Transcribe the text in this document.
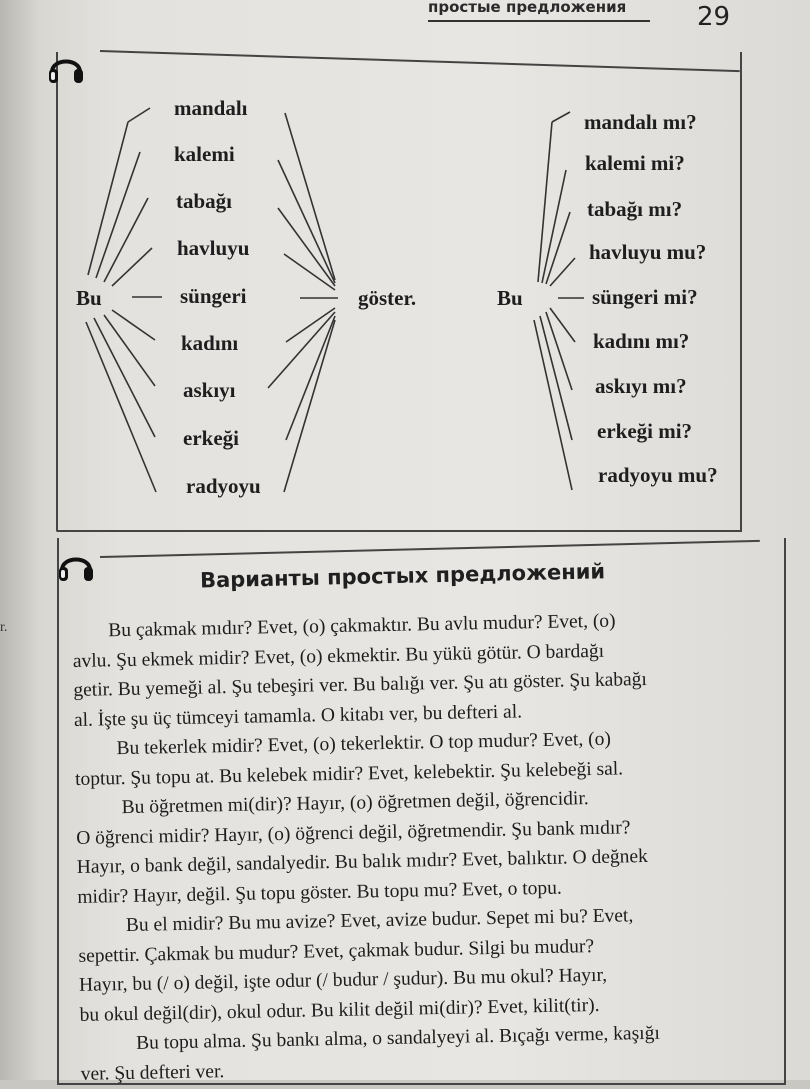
простые предложения	29
Bu
mandalı
kalemi
tabağı
havluyu
süngeri
kadını
askıyı
erkeği
radyoyu
göster.	Bu
mandalı mı?
kalemi mi?
tabağı mı?
havluyu mu?
süngeri mi?
kadını mı?
askıyı mı?
erkeği mi?
radyoyu mu?
r.
Варианты простых предложений
Bu çakmak mıdır? Evet, (o) çakmaktır. Bu avlu mudur? Evet, (o)
avlu. Şu ekmek midir? Evet, (o) ekmektir. Bu yükü götür. O bardağı
getir. Bu yemeği al. Şu tebeşiri ver. Bu balığı ver. Şu atı göster. Şu kabağı
al. İşte şu üç tümceyi tamamla. O kitabı ver, bu defteri al.
Bu tekerlek midir? Evet, (o) tekerlektir. O top mudur? Evet, (o)
toptur. Şu topu at. Bu kelebek midir? Evet, kelebektir. Şu kelebeği sal.
Bu öğretmen mi(dir)? Hayır, (o) öğretmen değil, öğrencidir.
O öğrenci midir? Hayır, (o) öğrenci değil, öğretmendir. Şu bank mıdır?
Hayır, o bank değil, sandalyedir. Bu balık mıdır? Evet, balıktır. O değnek
midir? Hayır, değil. Şu topu göster. Bu topu mu? Evet, o topu.
Bu el midir? Bu mu avize? Evet, avize budur. Sepet mi bu? Evet,
sepettir. Çakmak bu mudur? Evet, çakmak budur. Silgi bu mudur?
Hayır, bu (/ o) değil, işte odur (/ budur / şudur). Bu mu okul? Hayır,
bu okul değil(dir), okul odur. Bu kilit değil mi(dir)? Evet, kilit(tir).
Bu topu alma. Şu bankı alma, o sandalyeyi al. Bıçağı verme, kaşığı
ver. Şu defteri ver.
